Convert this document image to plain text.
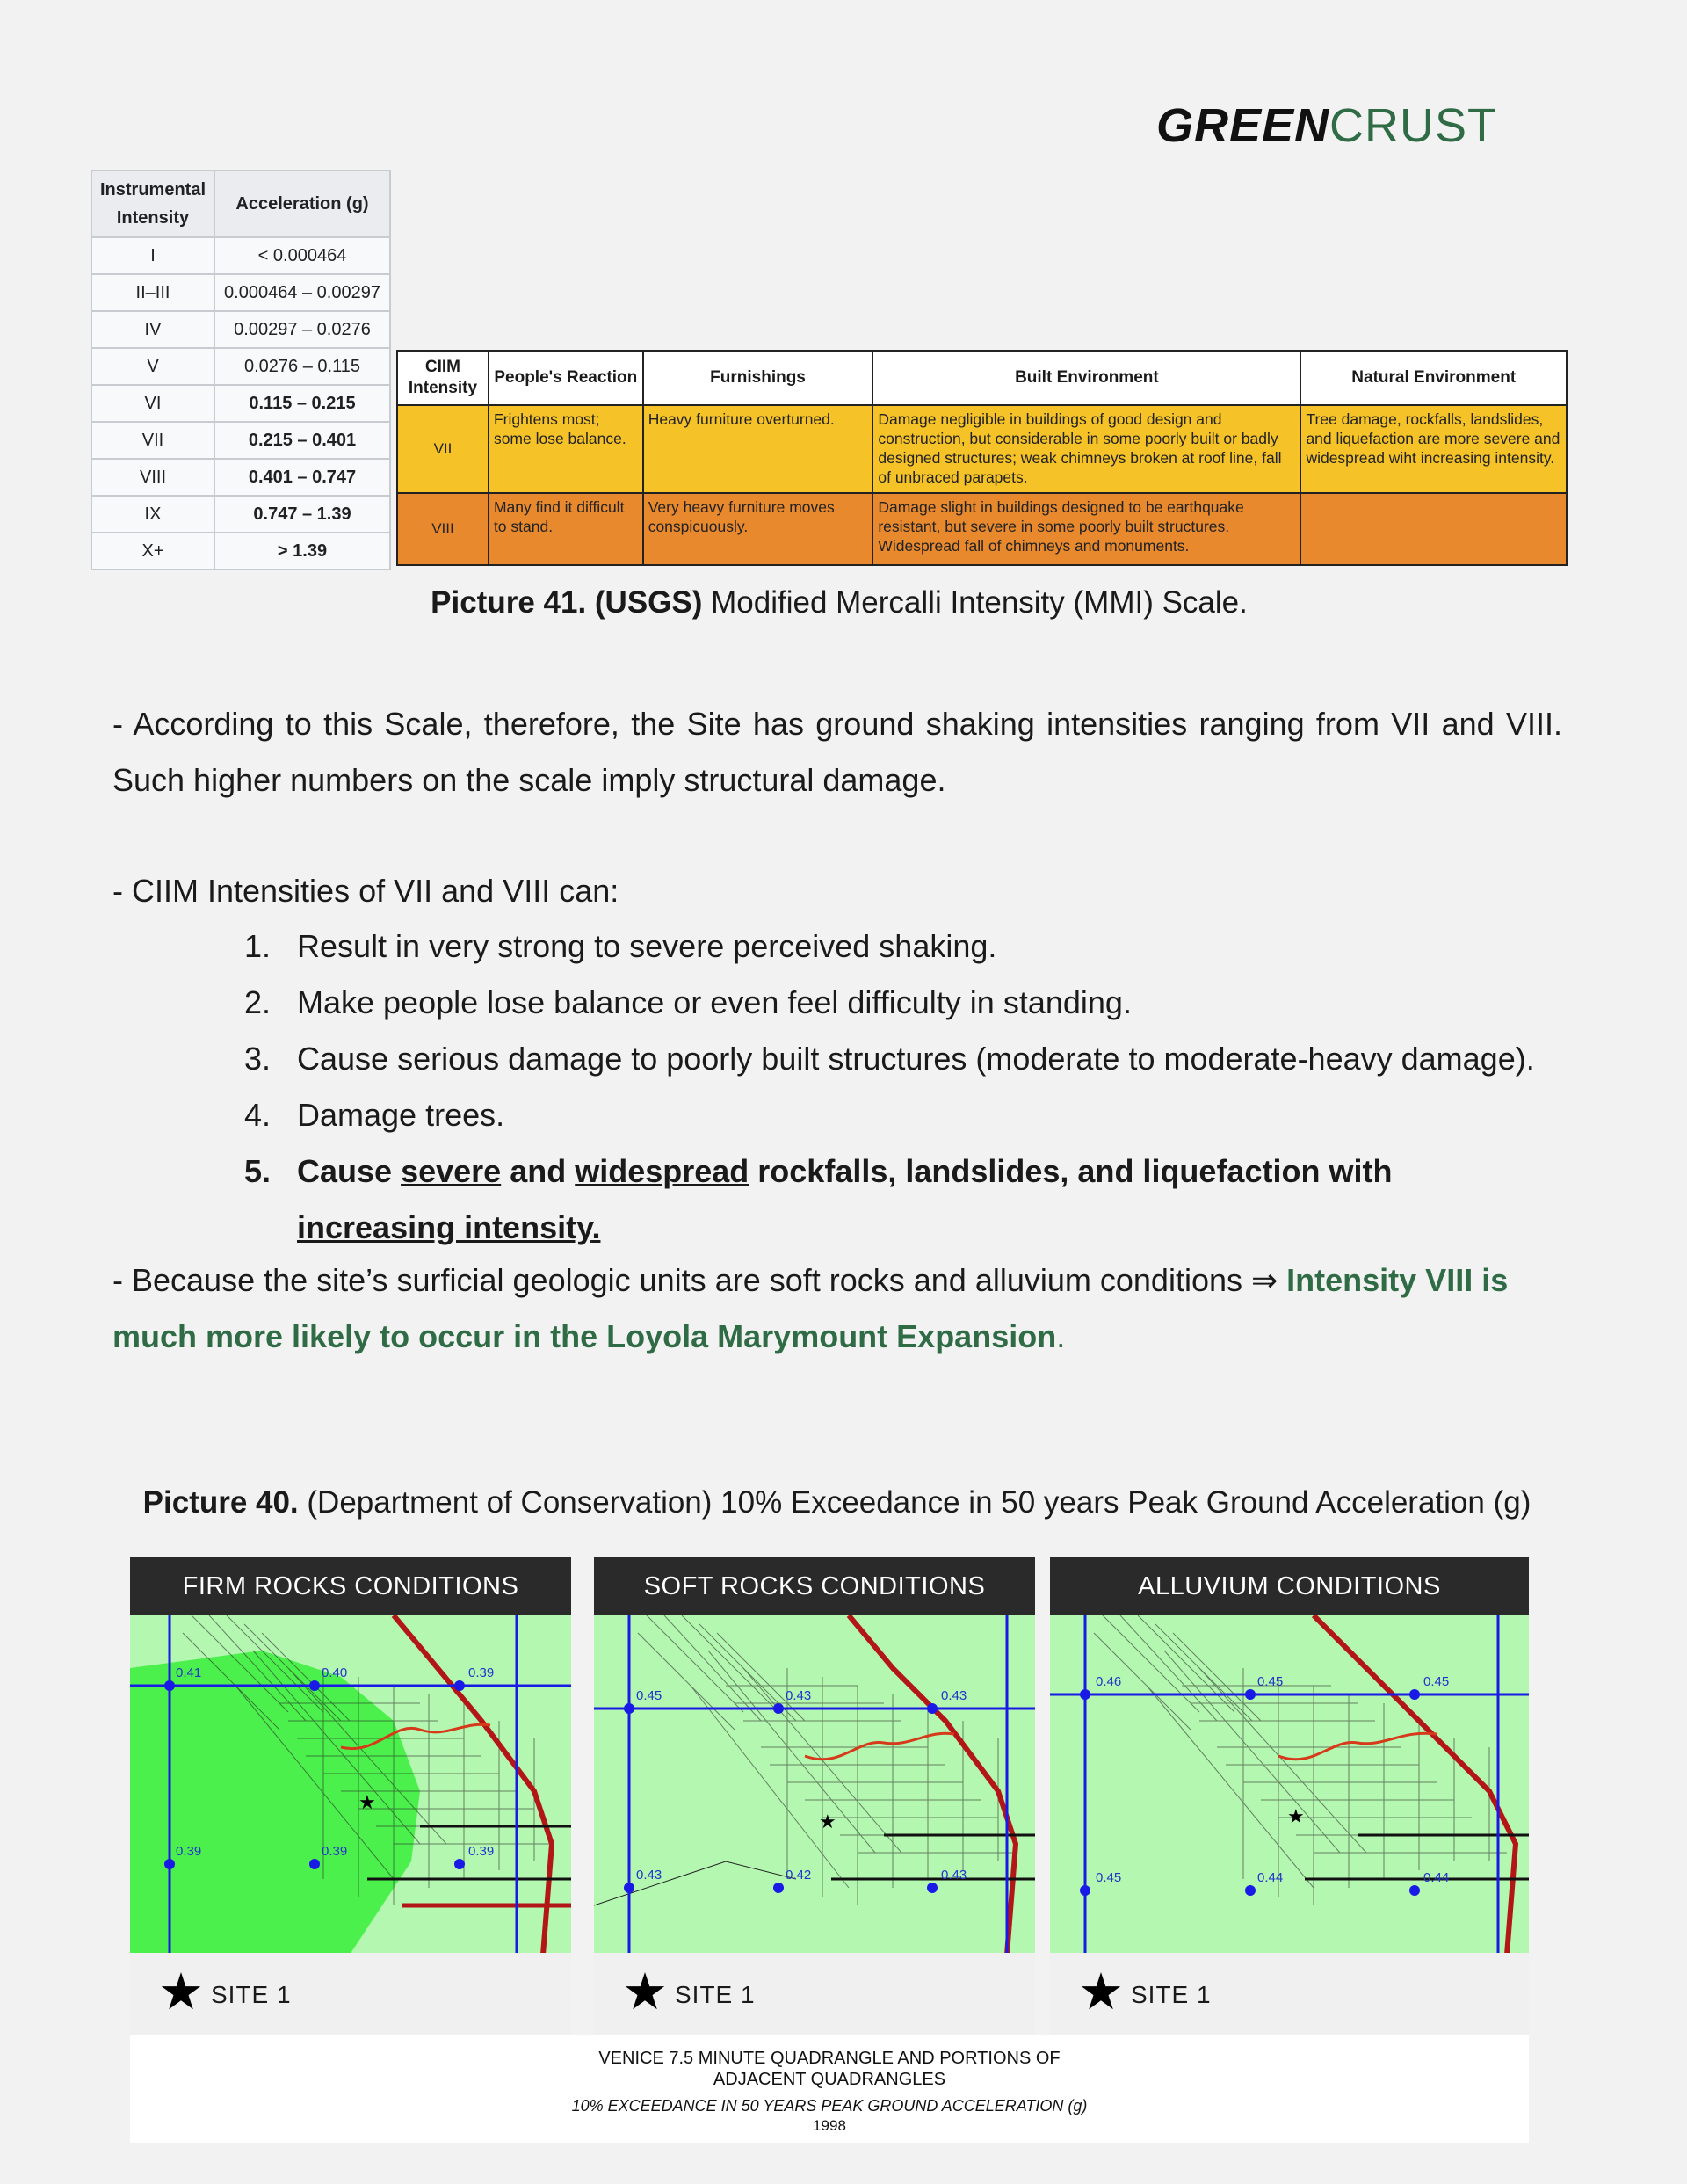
GREENCRUST
Instrumental Intensity	Acceleration (g)
I	< 0.000464
II–III	0.000464 – 0.00297
IV	0.00297 – 0.0276
V	0.0276 – 0.115
VI	0.115 – 0.215
VII	0.215 – 0.401
VIII	0.401 – 0.747
IX	0.747 – 1.39
X+	> 1.39
CIIM Intensity	People's Reaction	Furnishings	Built Environment	Natural Environment
VII	Frightens most; some lose balance.	Heavy furniture overturned.	Damage negligible in buildings of good design and construction, but considerable in some poorly built or badly designed structures; weak chimneys broken at roof line, fall of unbraced parapets.	Tree damage, rockfalls, landslides, and liquefaction are more severe and widespread wiht increasing intensity.
VIII	Many find it difficult to stand.	Very heavy furniture moves conspicuously.	Damage slight in buildings designed to be earthquake resistant, but severe in some poorly built structures. Widespread fall of chimneys and monuments.	
Picture 41. (USGS) Modified Mercalli Intensity (MMI) Scale.
- According to this Scale, therefore, the Site has ground shaking intensities ranging from VII and VIII. Such higher numbers on the scale imply structural damage.
- CIIM Intensities of VII and VIII can:
1. Result in very strong to severe perceived shaking.
2. Make people lose balance or even feel difficulty in standing.
3. Cause serious damage to poorly built structures (moderate to moderate-heavy damage).
4. Damage trees.
5. Cause severe and widespread rockfalls, landslides, and liquefaction with increasing intensity.
- Because the site’s surficial geologic units are soft rocks and alluvium conditions ⇒ Intensity VIII is much more likely to occur in the Loyola Marymount Expansion.
Picture 40. (Department of Conservation) 10% Exceedance in 50 years Peak Ground Acceleration (g)
FIRM ROCKS CONDITIONS
0.41	0.40	0.39
0.39	0.39	0.39
★
★ SITE 1
SOFT ROCKS CONDITIONS
0.45	0.43	0.43
0.43	0.42	0.43
★
★ SITE 1
ALLUVIUM CONDITIONS
0.46	0.45	0.45
0.45	0.44	0.44
★
★ SITE 1
VENICE 7.5 MINUTE QUADRANGLE AND PORTIONS OF
ADJACENT QUADRANGLES
10% EXCEEDANCE IN 50 YEARS PEAK GROUND ACCELERATION (g)
1998
